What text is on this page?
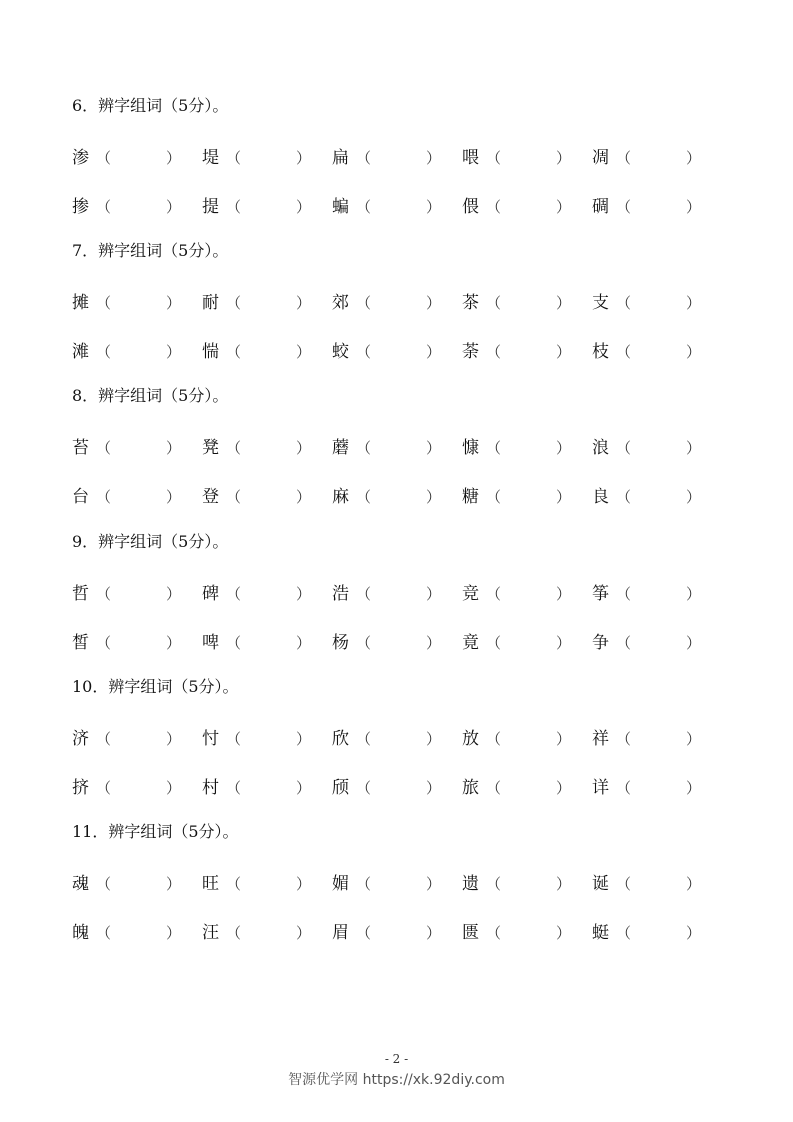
6．辨字组词（5分）。
渗 （	） 堤 （	） 扁 （	） 喂 （	） 凋 （	）
掺 （	） 提 （	） 蝙 （	） 偎 （	） 碉 （	）
7．辨字组词（5分）。
摊 （	） 耐 （	） 郊 （	） 茶 （	） 支 （	）
滩 （	） 惴 （	） 蛟 （	） 荼 （	） 枝 （	）
8．辨字组词（5分）。
苔 （	） 凳 （	） 蘑 （	） 慷 （	） 浪 （	）
台 （	） 登 （	） 麻 （	） 糖 （	） 良 （	）
9．辨字组词（5分）。
哲 （	） 碑 （	） 浩 （	） 竞 （	） 筝 （	）
皙 （	） 啤 （	） 杨 （	） 竟 （	） 争 （	）
10．辨字组词（5分）。
济 （	） 忖 （	） 欣 （	） 放 （	） 祥 （	）
挤 （	） 村 （	） 颀 （	） 旅 （	） 详 （	）
11．辨字组词（5分）。
魂 （	） 旺 （	） 媚 （	） 遗 （	） 诞 （	）
魄 （	） 汪 （	） 眉 （	） 匮 （	） 蜓 （	）
- 2 -
智源优学网 https://xk.92diy.com
